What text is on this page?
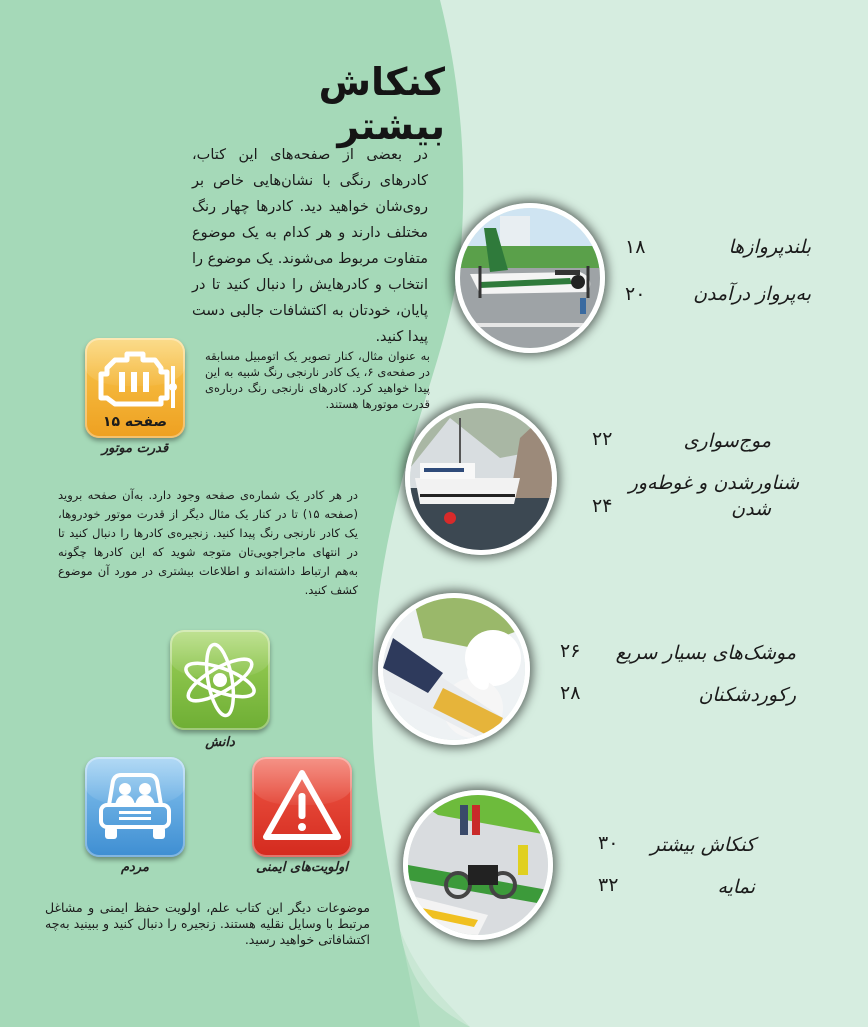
کنکاش بیشتر
در بعضی از صفحه‌های این کتاب، کادرهای رنگی با نشان‌هایی خاص بر روی‌شان خواهید دید. کادرها چهار رنگ مختلف دارند و هر کدام به یک موضوع متفاوت مربوط می‌شوند. یک موضوع را انتخاب و کادرهایش را دنبال کنید تا در پایان، خودتان به اکتشافات جالبی دست پیدا کنید.
صفحه ۱۵
قدرت موتور
به عنوان مثال، کنار تصویر یک اتومبیل مسابقه در صفحه‌ی ۶، یک کادر نارنجی رنگ شبیه به این پیدا خواهید کرد. کادرهای نارنجی رنگ درباره‌ی قدرت موتورها هستند.
در هر کادر یک شماره‌ی صفحه وجود دارد. به‌آن صفحه بروید (صفحه ۱۵) تا در کنار یک مثال دیگر از قدرت موتور خودروها، یک کادر نارنجی رنگ پیدا کنید. زنجیره‌ی کادرها را دنبال کنید تا در انتهای ماجراجویی‌تان متوجه شوید که این کادرها چگونه به‌هم ارتباط داشته‌اند و اطلاعات بیشتری در مورد آن موضوع کشف کنید.
دانش
مردم	اولویت‌های ایمنی
موضوعات دیگر این کتاب علم، اولویت حفظ ایمنی و مشاغل مرتبط با وسایل نقلیه هستند. زنجیره را دنبال کنید و ببینید به‌چه اکتشافاتی خواهید رسید.
بلندپروازها
۱۸
به‌پرواز درآمدن
۲۰
موج‌سواری
۲۲
شناورشدن و غوطه‌ور
شدن
۲۴
موشک‌های بسیار سریع
۲۶
رکوردشکنان
۲۸
کنکاش بیشتر
۳۰
نمایه
۳۲
